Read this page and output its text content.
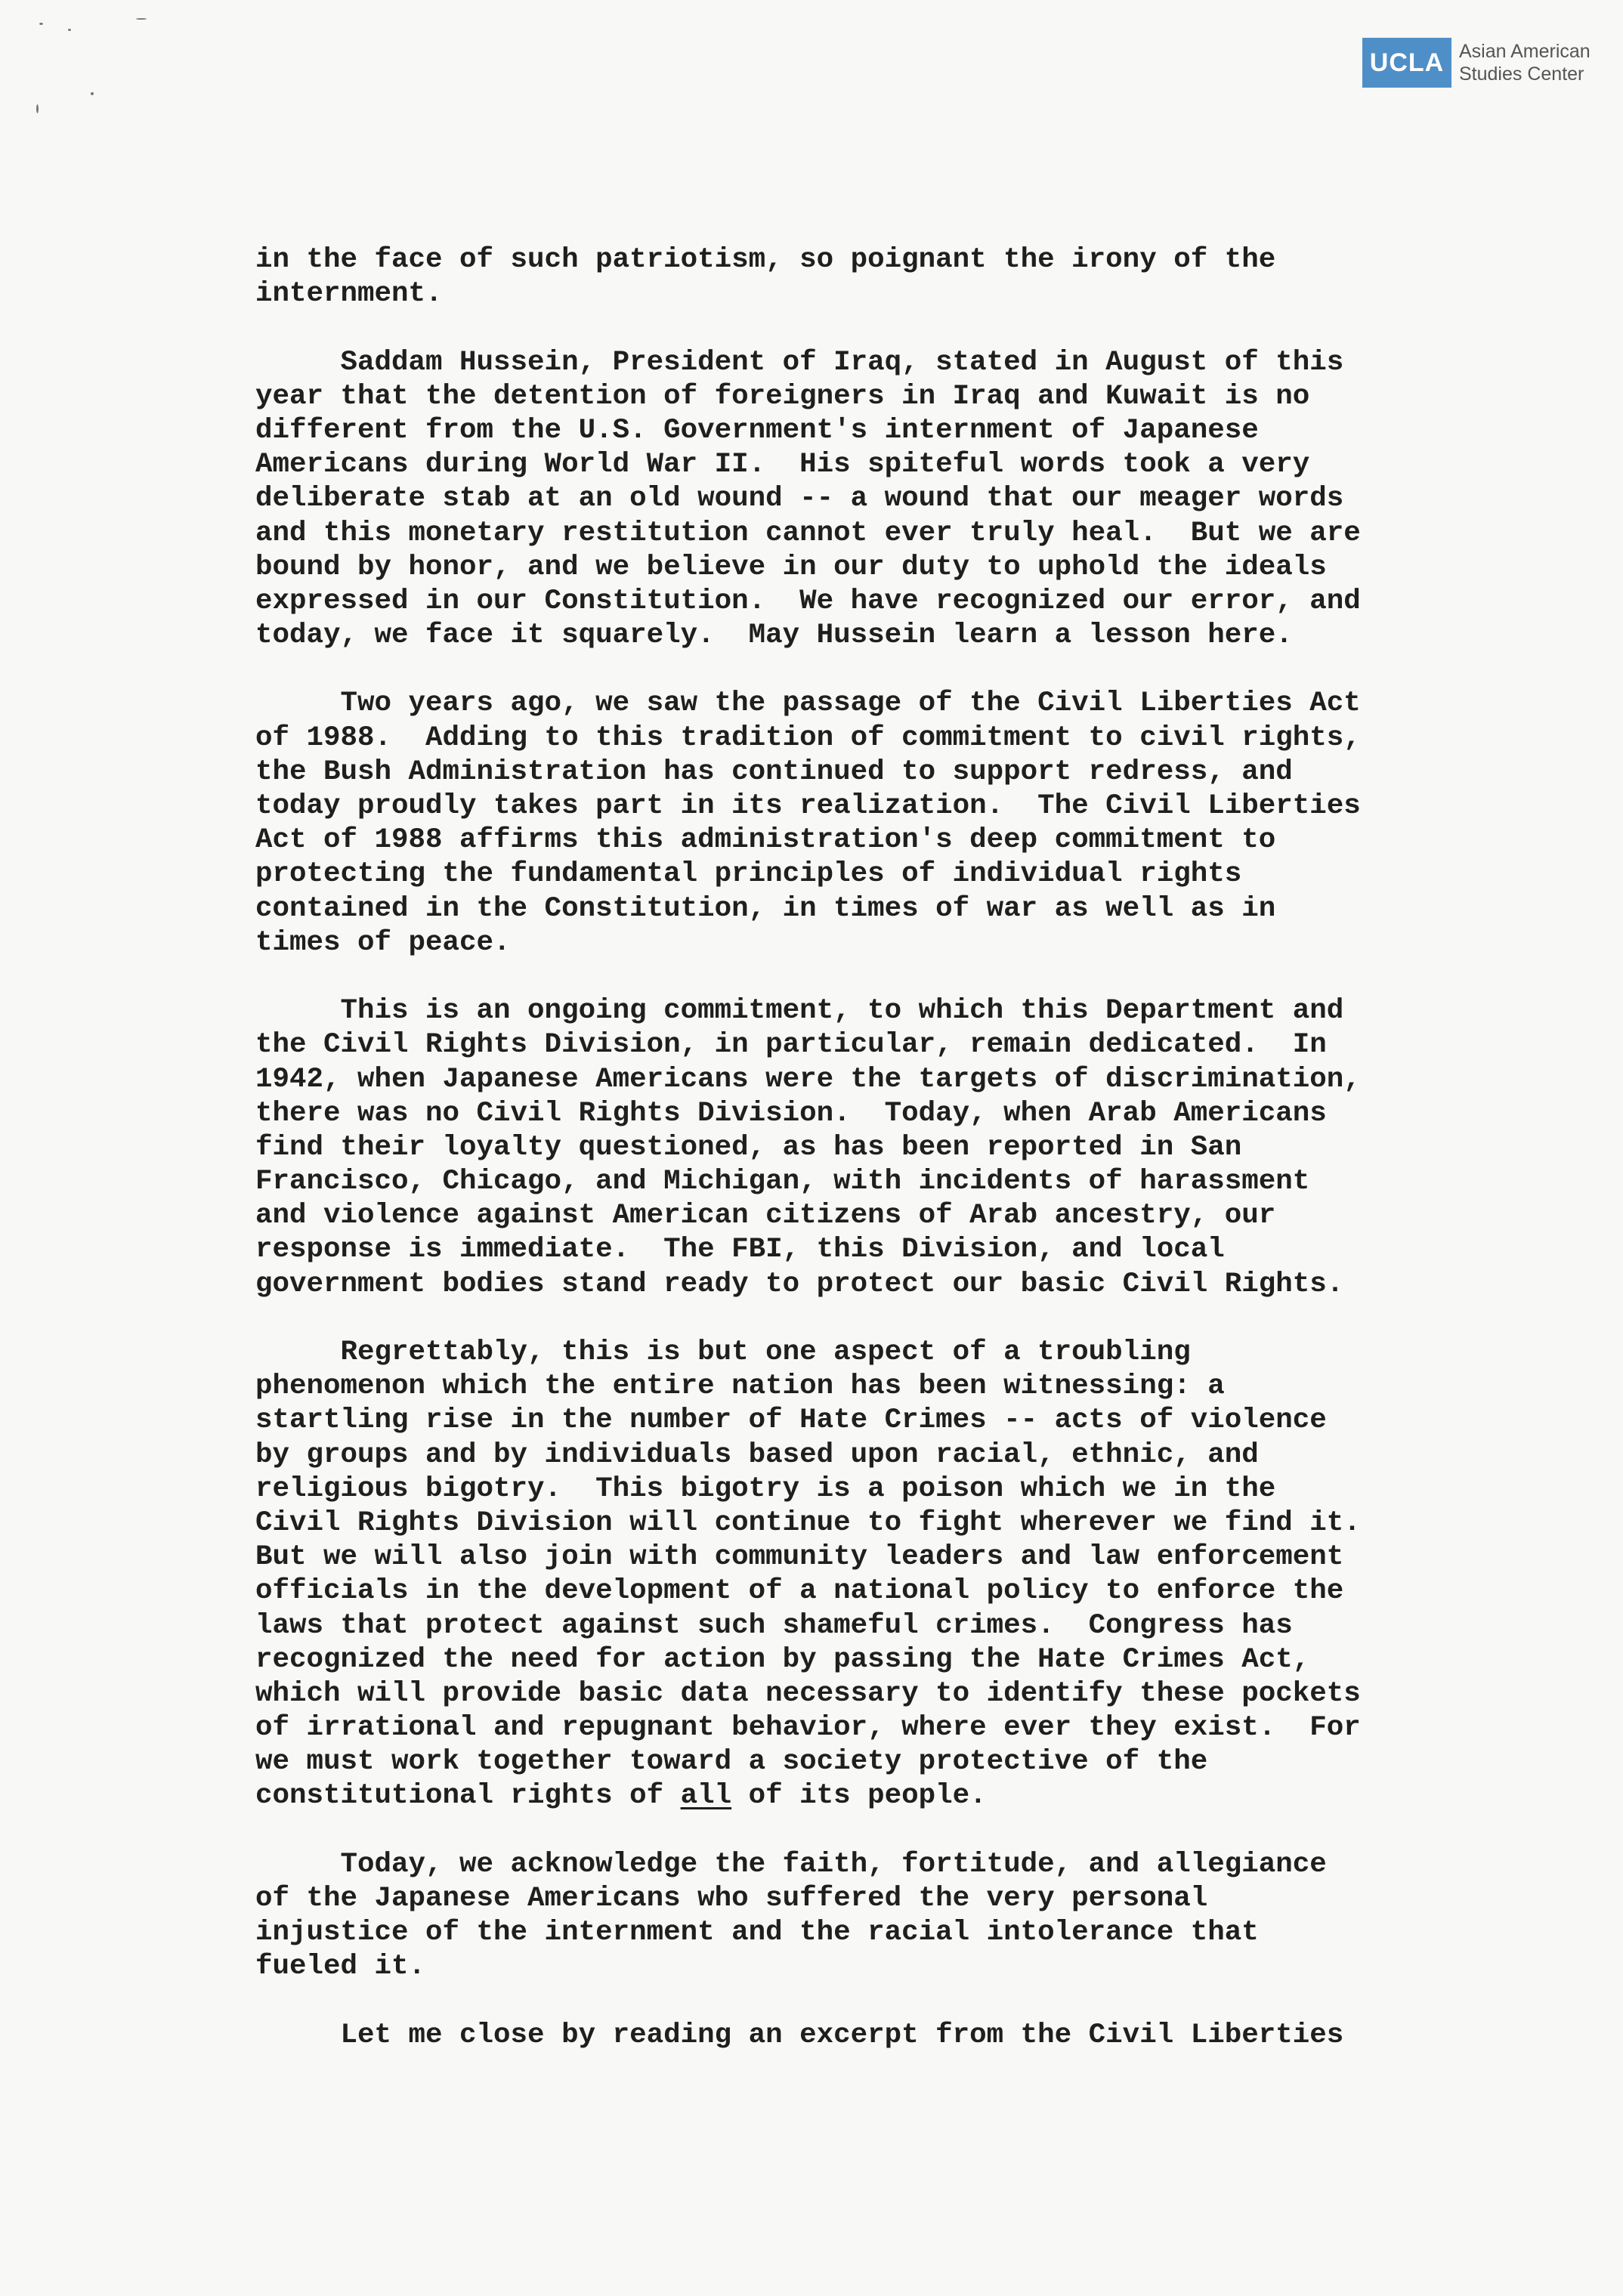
UCLA Asian American
Studies Center
in the face of such patriotism, so poignant the irony of the
internment.
Saddam Hussein, President of Iraq, stated in August of this
year that the detention of foreigners in Iraq and Kuwait is no
different from the U.S. Government's internment of Japanese
Americans during World War II.  His spiteful words took a very
deliberate stab at an old wound -- a wound that our meager words
and this monetary restitution cannot ever truly heal.  But we are
bound by honor, and we believe in our duty to uphold the ideals
expressed in our Constitution.  We have recognized our error, and
today, we face it squarely.  May Hussein learn a lesson here.
Two years ago, we saw the passage of the Civil Liberties Act
of 1988.  Adding to this tradition of commitment to civil rights,
the Bush Administration has continued to support redress, and
today proudly takes part in its realization.  The Civil Liberties
Act of 1988 affirms this administration's deep commitment to
protecting the fundamental principles of individual rights
contained in the Constitution, in times of war as well as in
times of peace.
This is an ongoing commitment, to which this Department and
the Civil Rights Division, in particular, remain dedicated.  In
1942, when Japanese Americans were the targets of discrimination,
there was no Civil Rights Division.  Today, when Arab Americans
find their loyalty questioned, as has been reported in San
Francisco, Chicago, and Michigan, with incidents of harassment
and violence against American citizens of Arab ancestry, our
response is immediate.  The FBI, this Division, and local
government bodies stand ready to protect our basic Civil Rights.
Regrettably, this is but one aspect of a troubling
phenomenon which the entire nation has been witnessing: a
startling rise in the number of Hate Crimes -- acts of violence
by groups and by individuals based upon racial, ethnic, and
religious bigotry.  This bigotry is a poison which we in the
Civil Rights Division will continue to fight wherever we find it.
But we will also join with community leaders and law enforcement
officials in the development of a national policy to enforce the
laws that protect against such shameful crimes.  Congress has
recognized the need for action by passing the Hate Crimes Act,
which will provide basic data necessary to identify these pockets
of irrational and repugnant behavior, where ever they exist.  For
we must work together toward a society protective of the
constitutional rights of all of its people.
Today, we acknowledge the faith, fortitude, and allegiance
of the Japanese Americans who suffered the very personal
injustice of the internment and the racial intolerance that
fueled it.
Let me close by reading an excerpt from the Civil Liberties
